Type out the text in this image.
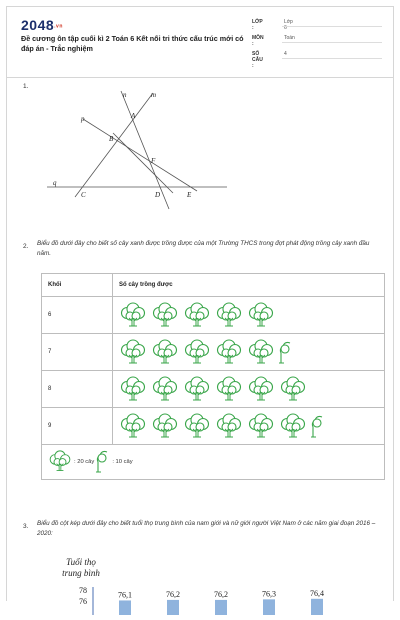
2048.vn
Đề cương ôn tập cuối kì 2 Toán 6 Kết nối tri thức cấu trúc mới có đáp án - Trắc nghiệm
LỚP :
Lớp 6
MÔN :
Toán
SỐ CÂU :
4
1.
n	m
p
q
A
B
F
C	D	E
2. Biểu đồ dưới đây cho biết số cây xanh được trồng được của một Trường THCS trong đợt phát động trồng cây xanh đầu năm.
Khối	Số cây trồng được
6	

7	

8	

9	

: 20 cây : 10 cây	
3. Biểu đồ cột kép dưới đây cho biết tuổi thọ trung bình của nam giới và nữ giới người Việt Nam ở các năm giai đoạn 2016 – 2020:
Tuổi thọ
trung bình
78
76
76,1	76,2	76,2	76,3	76,4
